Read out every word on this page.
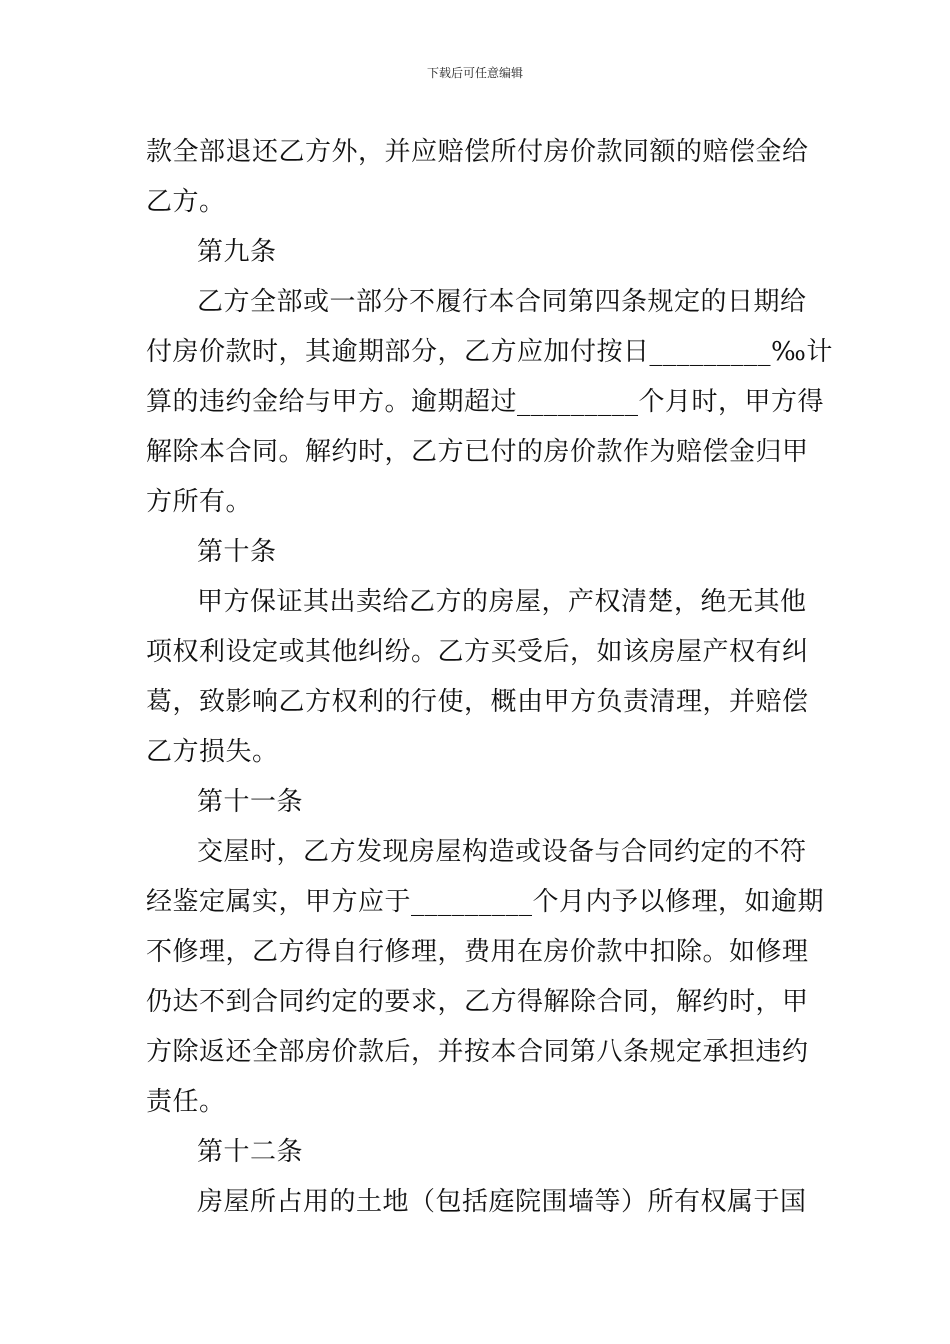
下载后可任意编辑
款全部退还乙方外，并应赔偿所付房价款同额的赔偿金给
乙方。
第九条
乙方全部或一部分不履行本合同第四条规定的日期给
付房价款时，其逾期部分，乙方应加付按日_________‰计
算的违约金给与甲方。逾期超过_________个月时，甲方得
解除本合同。解约时，乙方已付的房价款作为赔偿金归甲
方所有。
第十条
甲方保证其出卖给乙方的房屋，产权清楚，绝无其他
项权利设定或其他纠纷。乙方买受后，如该房屋产权有纠
葛，致影响乙方权利的行使，概由甲方负责清理，并赔偿
乙方损失。
第十一条
交屋时，乙方发现房屋构造或设备与合同约定的不符
经鉴定属实，甲方应于_________个月内予以修理，如逾期
不修理，乙方得自行修理，费用在房价款中扣除。如修理
仍达不到合同约定的要求，乙方得解除合同，解约时，甲
方除返还全部房价款后，并按本合同第八条规定承担违约
责任。
第十二条
房屋所占用的土地（包括庭院围墙等）所有权属于国
